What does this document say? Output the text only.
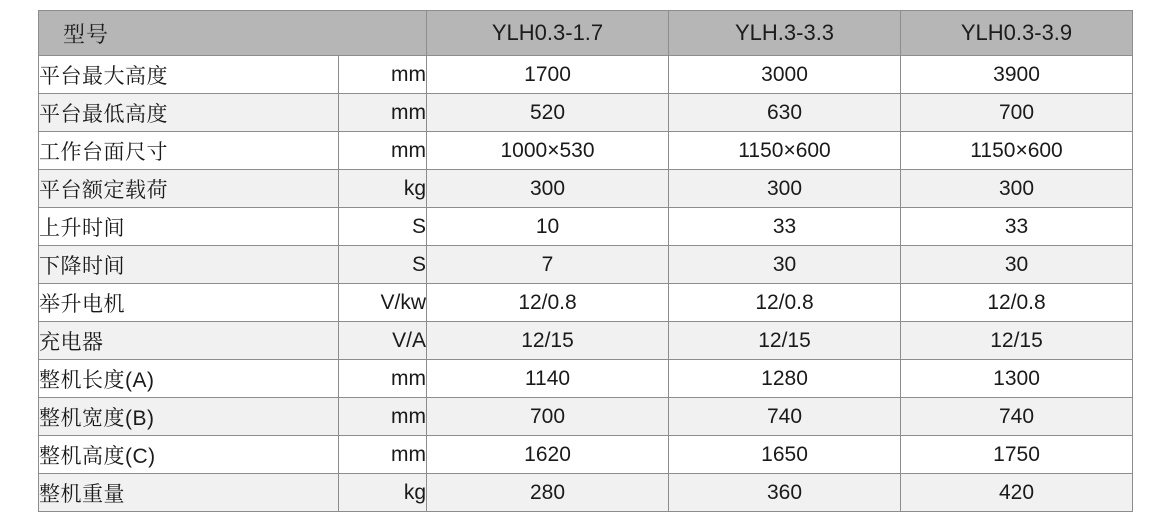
型号		YLH0.3-1.7	YLH.3-3.3	YLH0.3-3.9
平台最大高度	mm	1700	3000	3900
平台最低高度	mm	520	630	700
工作台面尺寸	mm	1000×530	1150×600	1150×600
平台额定载荷	kg	300	300	300
上升时间	S	10	33	33
下降时间	S	7	30	30
举升电机	V/kw	12/0.8	12/0.8	12/0.8
充电器	V/A	12/15	12/15	12/15
整机长度(A)	mm	1140	1280	1300
整机宽度(B)	mm	700	740	740
整机高度(C)	mm	1620	1650	1750
整机重量	kg	280	360	420
